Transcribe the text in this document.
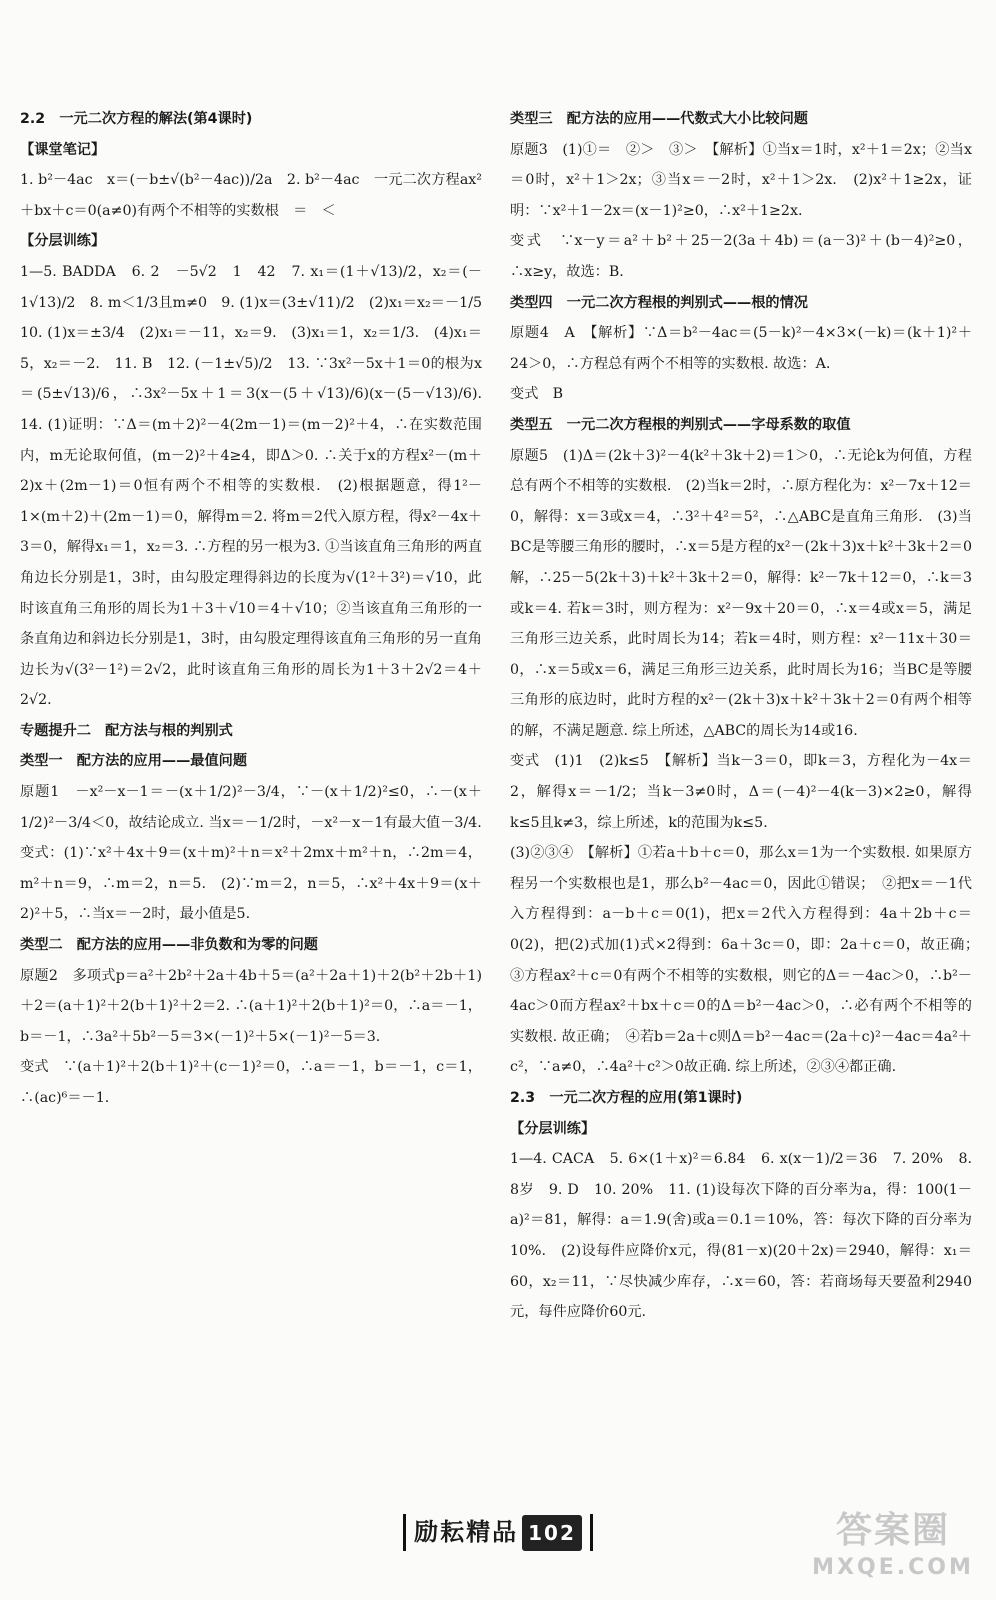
2.2　一元二次方程的解法(第4课时)

【课堂笔记】

1. b²－4ac　x＝(－b±√(b²－4ac))/2a　2. b²－4ac　一元二次方程ax²＋bx＋c＝0(a≠0)有两个不相等的实数根　＝　＜

【分层训练】

1—5. BADDA　6. 2　－5√2　1　42　7. x₁＝(1＋√13)/2，x₂＝(－1√13)/2　8. m＜1/3且m≠0　9. (1)x＝(3±√11)/2　(2)x₁＝x₂＝－1/5　10. (1)x＝±3/4　(2)x₁＝－11，x₂＝9.　(3)x₁＝1，x₂＝1/3.　(4)x₁＝5，x₂＝－2.　11. B　12. (－1±√5)/2　13. ∵3x²－5x＋1＝0的根为x＝(5±√13)/6，∴3x²－5x＋1＝3(x－(5＋√13)/6)(x－(5－√13)/6).　14. (1)证明：∵Δ＝(m＋2)²－4(2m－1)＝(m－2)²＋4，∴在实数范围内，m无论取何值，(m－2)²＋4≥4，即Δ＞0. ∴关于x的方程x²－(m＋2)x＋(2m－1)＝0恒有两个不相等的实数根.　(2)根据题意，得1²－1×(m＋2)＋(2m－1)＝0，解得m＝2. 将m＝2代入原方程，得x²－4x＋3＝0，解得x₁＝1，x₂＝3. ∴方程的另一根为3. ①当该直角三角形的两直角边长分别是1，3时，由勾股定理得斜边的长度为√(1²＋3²)＝√10，此时该直角三角形的周长为1＋3＋√10＝4＋√10；②当该直角三角形的一条直角边和斜边长分别是1，3时，由勾股定理得该直角三角形的另一直角边长为√(3²－1²)＝2√2，此时该直角三角形的周长为1＋3＋2√2＝4＋2√2.

专题提升二　配方法与根的判别式

类型一　配方法的应用——最值问题

原题1　－x²－x－1＝－(x＋1/2)²－3/4，∵－(x＋1/2)²≤0，∴－(x＋1/2)²－3/4＜0，故结论成立. 当x＝－1/2时，－x²－x－1有最大值－3/4.

变式：(1)∵x²＋4x＋9＝(x＋m)²＋n＝x²＋2mx＋m²＋n，∴2m＝4，m²＋n＝9，∴m＝2，n＝5.　(2)∵m＝2，n＝5，∴x²＋4x＋9＝(x＋2)²＋5，∴当x＝－2时，最小值是5.

类型二　配方法的应用——非负数和为零的问题

原题2　多项式p＝a²＋2b²＋2a＋4b＋5＝(a²＋2a＋1)＋2(b²＋2b＋1)＋2＝(a＋1)²＋2(b＋1)²＋2＝2. ∴(a＋1)²＋2(b＋1)²＝0，∴a＝－1，b＝－1，∴3a²＋5b²－5＝3×(－1)²＋5×(－1)²－5＝3.

变式　∵(a＋1)²＋2(b＋1)²＋(c－1)²＝0，∴a＝－1，b＝－1，c＝1，∴(ac)⁶＝－1.

类型三　配方法的应用——代数式大小比较问题

原题3　(1)①＝　②＞　③＞　【解析】①当x＝1时，x²＋1＝2x；②当x＝0时，x²＋1＞2x；③当x＝－2时，x²＋1＞2x.　(2)x²＋1≥2x，证明：∵x²＋1－2x＝(x－1)²≥0，∴x²＋1≥2x.

变式　∵x－y＝a²＋b²＋25－2(3a＋4b)＝(a－3)²＋(b－4)²≥0，∴x≥y，故选：B.

类型四　一元二次方程根的判别式——根的情况

原题4　A　【解析】∵Δ＝b²－4ac＝(5－k)²－4×3×(－k)＝(k＋1)²＋24＞0，∴方程总有两个不相等的实数根. 故选：A.

变式　B

类型五　一元二次方程根的判别式——字母系数的取值

原题5　(1)Δ＝(2k＋3)²－4(k²＋3k＋2)＝1＞0，∴无论k为何值，方程总有两个不相等的实数根.　(2)当k＝2时，∴原方程化为：x²－7x＋12＝0，解得：x＝3或x＝4，∴3²＋4²＝5²，∴△ABC是直角三角形.　(3)当BC是等腰三角形的腰时，∴x＝5是方程的x²－(2k＋3)x＋k²＋3k＋2＝0解，∴25－5(2k＋3)＋k²＋3k＋2＝0，解得：k²－7k＋12＝0，∴k＝3或k＝4. 若k＝3时，则方程为：x²－9x＋20＝0，∴x＝4或x＝5，满足三角形三边关系，此时周长为14；若k＝4时，则方程：x²－11x＋30＝0，∴x＝5或x＝6，满足三角形三边关系，此时周长为16；当BC是等腰三角形的底边时，此时方程的x²－(2k＋3)x＋k²＋3k＋2＝0有两个相等的解，不满足题意. 综上所述，△ABC的周长为14或16.

变式　(1)1　(2)k≤5　【解析】当k－3＝0，即k＝3，方程化为－4x＝2，解得x＝－1/2；当k－3≠0时，Δ＝(－4)²－4(k－3)×2≥0，解得k≤5且k≠3，综上所述，k的范围为k≤5.

(3)②③④　【解析】①若a＋b＋c＝0，那么x＝1为一个实数根. 如果原方程另一个实数根也是1，那么b²－4ac＝0，因此①错误；　②把x＝－1代入方程得到：a－b＋c＝0(1)，把x＝2代入方程得到：4a＋2b＋c＝0(2)，把(2)式加(1)式×2得到：6a＋3c＝0，即：2a＋c＝0，故正确；　③方程ax²＋c＝0有两个不相等的实数根，则它的Δ＝－4ac＞0，∴b²－4ac＞0而方程ax²＋bx＋c＝0的Δ＝b²－4ac＞0，∴必有两个不相等的实数根. 故正确；　④若b＝2a＋c则Δ＝b²－4ac＝(2a＋c)²－4ac＝4a²＋c²，∵a≠0，∴4a²＋c²＞0故正确. 综上所述，②③④都正确.

2.3　一元二次方程的应用(第1课时)

【分层训练】

1—4. CACA　5. 6×(1＋x)²＝6.84　6. x(x－1)/2＝36　7. 20%　8. 8岁　9. D　10. 20%　11. (1)设每次下降的百分率为a，得：100(1－a)²＝81，解得：a＝1.9(舍)或a＝0.1＝10%，答：每次下降的百分率为10%.　(2)设每件应降价x元，得(81－x)(20＋2x)＝2940，解得：x₁＝60，x₂＝11，∵尽快减少库存，∴x＝60，答：若商场每天要盈利2940元，每件应降价60元.

励耘精品 102	答案圈
MXQE.COM
